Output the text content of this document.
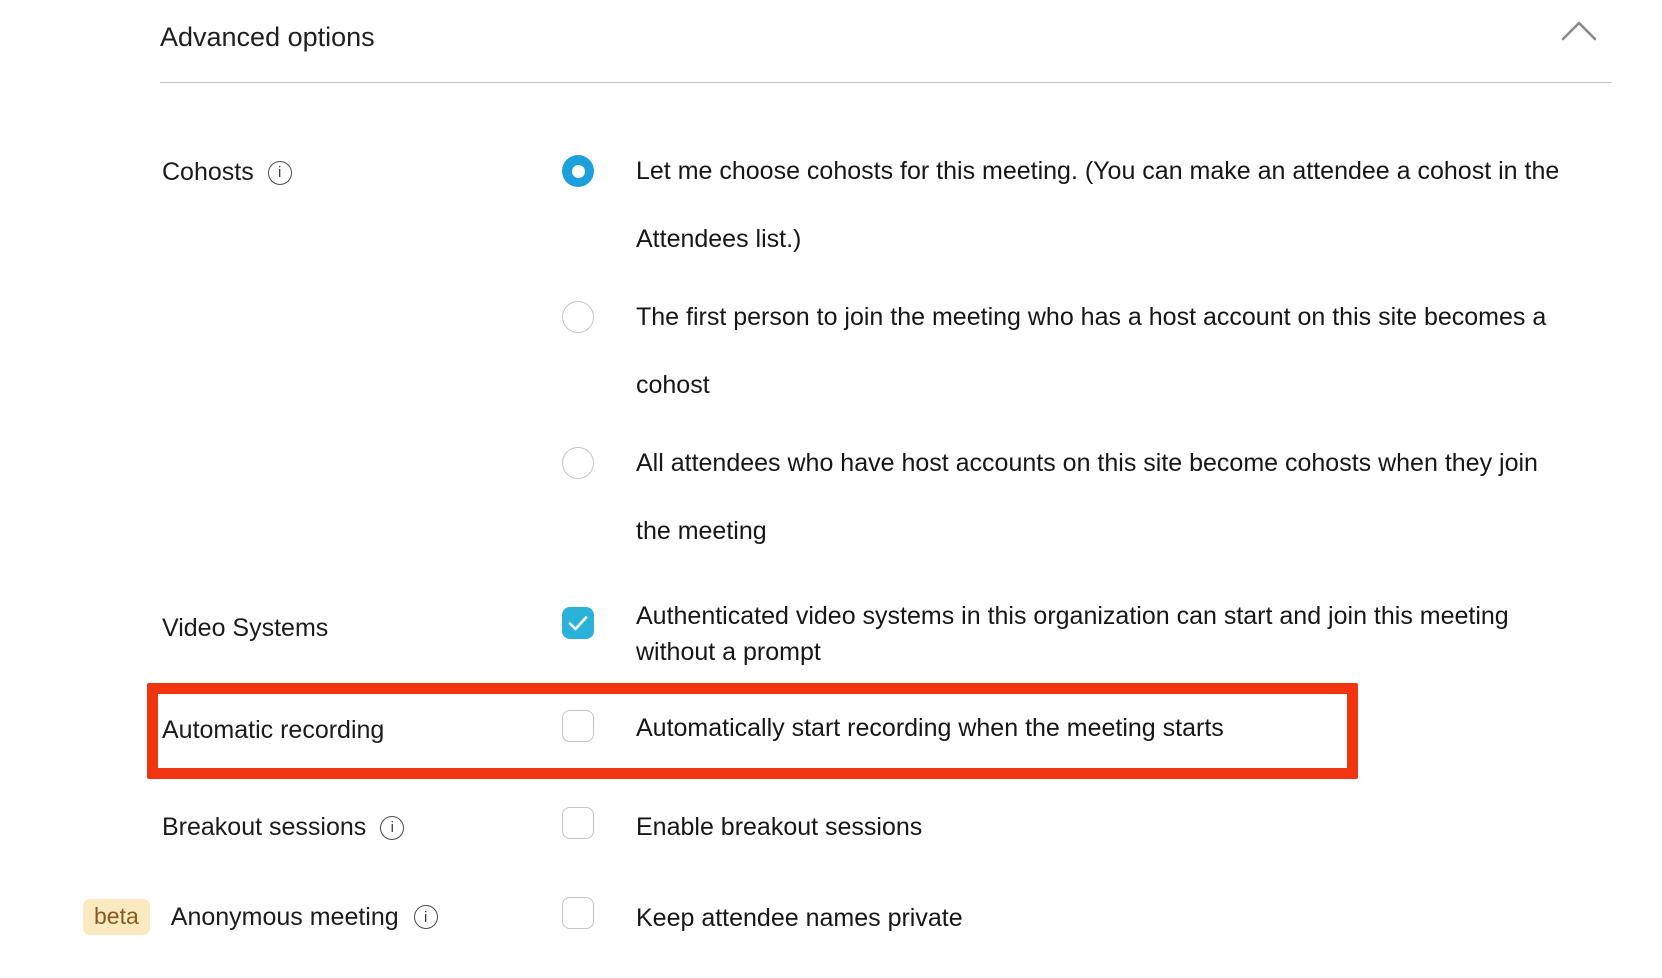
Advanced options
Cohosts i	Let me choose cohosts for this meeting. (You can make an attendee a cohost in the
Attendees list.)
The first person to join the meeting who has a host account on this site becomes a
cohost
All attendees who have host accounts on this site become cohosts when they join
the meeting
Video Systems	Authenticated video systems in this organization can start and join this meeting
without a prompt
Automatic recording	Automatically start recording when the meeting starts
Breakout sessions i	Enable breakout sessions
beta	Anonymous meeting i	Keep attendee names private
